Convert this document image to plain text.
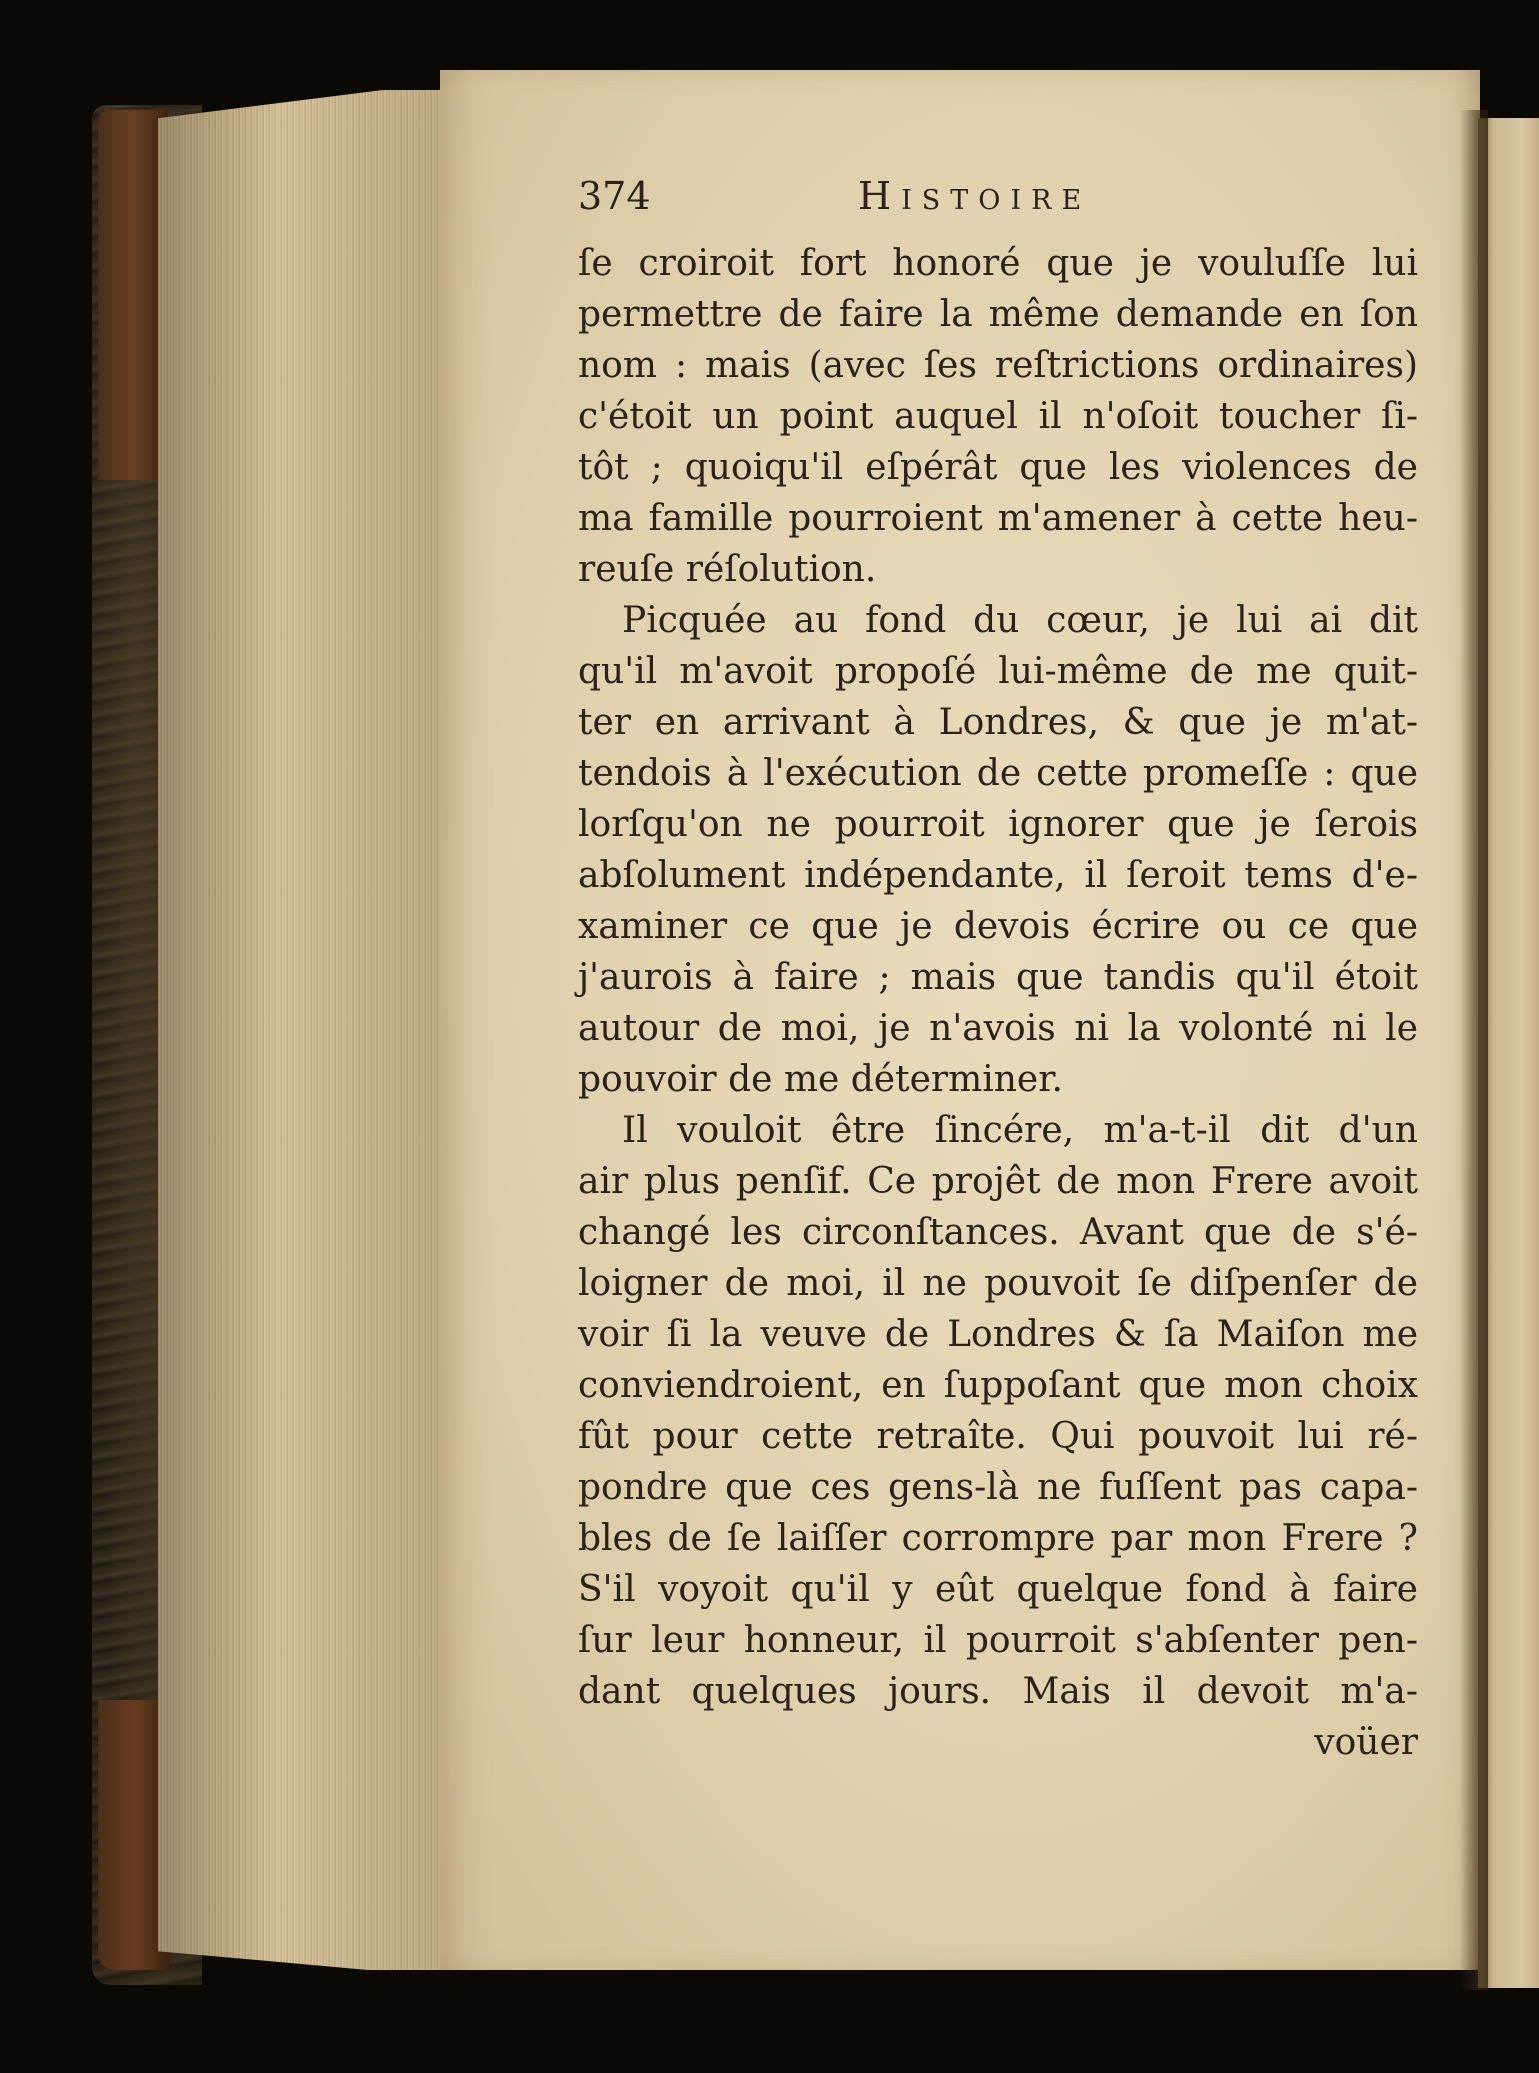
374	Histoire
ſe croiroit fort honoré que je vouluſſe lui
permettre de faire la même demande en ſon
nom : mais (avec ſes reſtrictions ordinaires)
c'étoit un point auquel il n'oſoit toucher ſi-
tôt ; quoiqu'il eſpérât que les violences de
ma famille pourroient m'amener à cette heu-
reuſe réſolution.
Picquée au fond du cœur, je lui ai dit
qu'il m'avoit propoſé lui-même de me quit-
ter en arrivant à Londres, & que je m'at-
tendois à l'exécution de cette promeſſe : que
lorſqu'on ne pourroit ignorer que je ſerois
abſolument indépendante, il ſeroit tems d'e-
xaminer ce que je devois écrire ou ce que
j'aurois à faire ; mais que tandis qu'il étoit
autour de moi, je n'avois ni la volonté ni le
pouvoir de me déterminer.
Il vouloit être ſincére, m'a-t-il dit d'un
air plus penſif. Ce projêt de mon Frere avoit
changé les circonſtances. Avant que de s'é-
loigner de moi, il ne pouvoit ſe diſpenſer de
voir ſi la veuve de Londres & ſa Maiſon me
conviendroient, en ſuppoſant que mon choix
fût pour cette retraîte. Qui pouvoit lui ré-
pondre que ces gens-là ne fuſſent pas capa-
bles de ſe laiſſer corrompre par mon Frere ?
S'il voyoit qu'il y eût quelque fond à faire
ſur leur honneur, il pourroit s'abſenter pen-
dant quelques jours. Mais il devoit m'a-
voüer
